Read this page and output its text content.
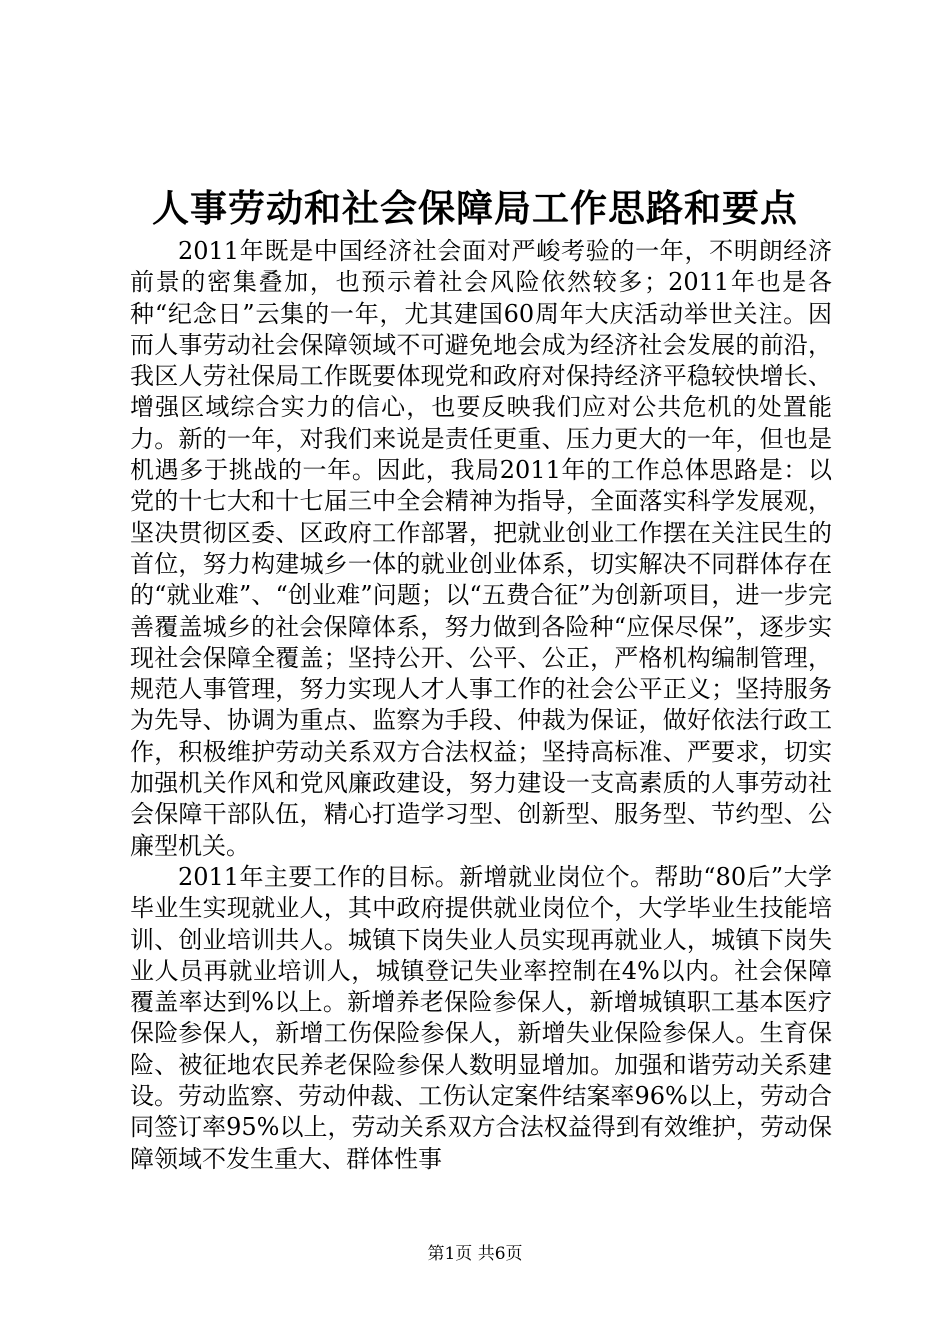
人事劳动和社会保障局工作思路和要点

2011年既是中国经济社会面对严峻考验的一年，不明朗经济前景的密集叠加，也预示着社会风险依然较多；2011年也是各种“纪念日”云集的一年，尤其建国60周年大庆活动举世关注。因而人事劳动社会保障领域不可避免地会成为经济社会发展的前沿，我区人劳社保局工作既要体现党和政府对保持经济平稳较快增长、增强区域综合实力的信心，也要反映我们应对公共危机的处置能力。新的一年，对我们来说是责任更重、压力更大的一年，但也是机遇多于挑战的一年。因此，我局2011年的工作总体思路是：以党的十七大和十七届三中全会精神为指导，全面落实科学发展观，坚决贯彻区委、区政府工作部署，把就业创业工作摆在关注民生的首位，努力构建城乡一体的就业创业体系，切实解决不同群体存在的“就业难”、“创业难”问题；以“五费合征”为创新项目，进一步完善覆盖城乡的社会保障体系，努力做到各险种“应保尽保”，逐步实现社会保障全覆盖；坚持公开、公平、公正，严格机构编制管理，规范人事管理，努力实现人才人事工作的社会公平正义；坚持服务为先导、协调为重点、监察为手段、仲裁为保证，做好依法行政工作，积极维护劳动关系双方合法权益；坚持高标准、严要求，切实加强机关作风和党风廉政建设，努力建设一支高素质的人事劳动社会保障干部队伍，精心打造学习型、创新型、服务型、节约型、公廉型机关。

2011年主要工作的目标。新增就业岗位个。帮助“80后”大学毕业生实现就业人，其中政府提供就业岗位个，大学毕业生技能培训、创业培训共人。城镇下岗失业人员实现再就业人，城镇下岗失业人员再就业培训人，城镇登记失业率控制在4%以内。社会保障覆盖率达到%以上。新增养老保险参保人，新增城镇职工基本医疗保险参保人，新增工伤保险参保人，新增失业保险参保人。生育保险、被征地农民养老保险参保人数明显增加。加强和谐劳动关系建设。劳动监察、劳动仲裁、工伤认定案件结案率96%以上，劳动合同签订率95%以上，劳动关系双方合法权益得到有效维护，劳动保障领域不发生重大、群体性事

第1页 共6页
